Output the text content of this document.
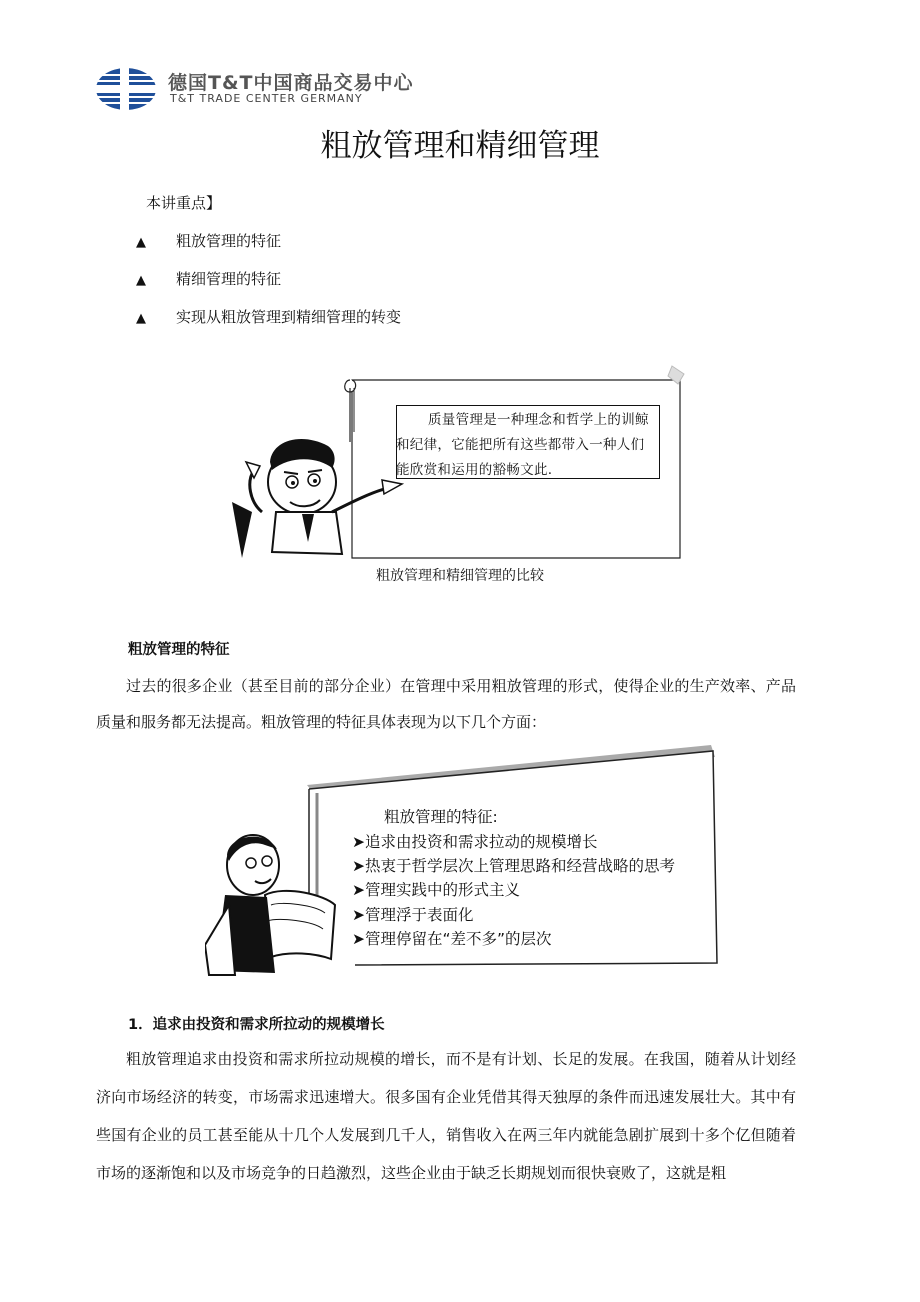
德国T&T中国商品交易中心
T&T TRADE CENTER GERMANY
粗放管理和精细管理
本讲重点】
▲ 粗放管理的特征
▲ 精细管理的特征
▲ 实现从粗放管理到精细管理的转变
质量管理是一种理念和哲学上的训鲸和纪律，它能把所有这些都带入一种人们能欣赏和运用的豁畅文此.
粗放管理和精细管理的比较
粗放管理的特征
过去的很多企业（甚至目前的部分企业）在管理中采用粗放管理的形式，使得企业的生产效率、产品质量和服务都无法提高。粗放管理的特征具体表现为以下几个方面：
粗放管理的特征:
➤追求由投资和需求拉动的规模增长
➤热衷于哲学层次上管理思路和经营战略的思考
➤管理实践中的形式主义
➤管理浮于表面化
➤管理停留在“差不多”的层次
1．追求由投资和需求所拉动的规模增长
粗放管理追求由投资和需求所拉动规模的增长，而不是有计划、长足的发展。在我国，随着从计划经济向市场经济的转变，市场需求迅速增大。很多国有企业凭借其得天独厚的条件而迅速发展壮大。其中有些国有企业的员工甚至能从十几个人发展到几千人，销售收入在两三年内就能急剧扩展到十多个亿但随着市场的逐渐饱和以及市场竞争的日趋激烈，这些企业由于缺乏长期规划而很快衰败了，这就是粗
